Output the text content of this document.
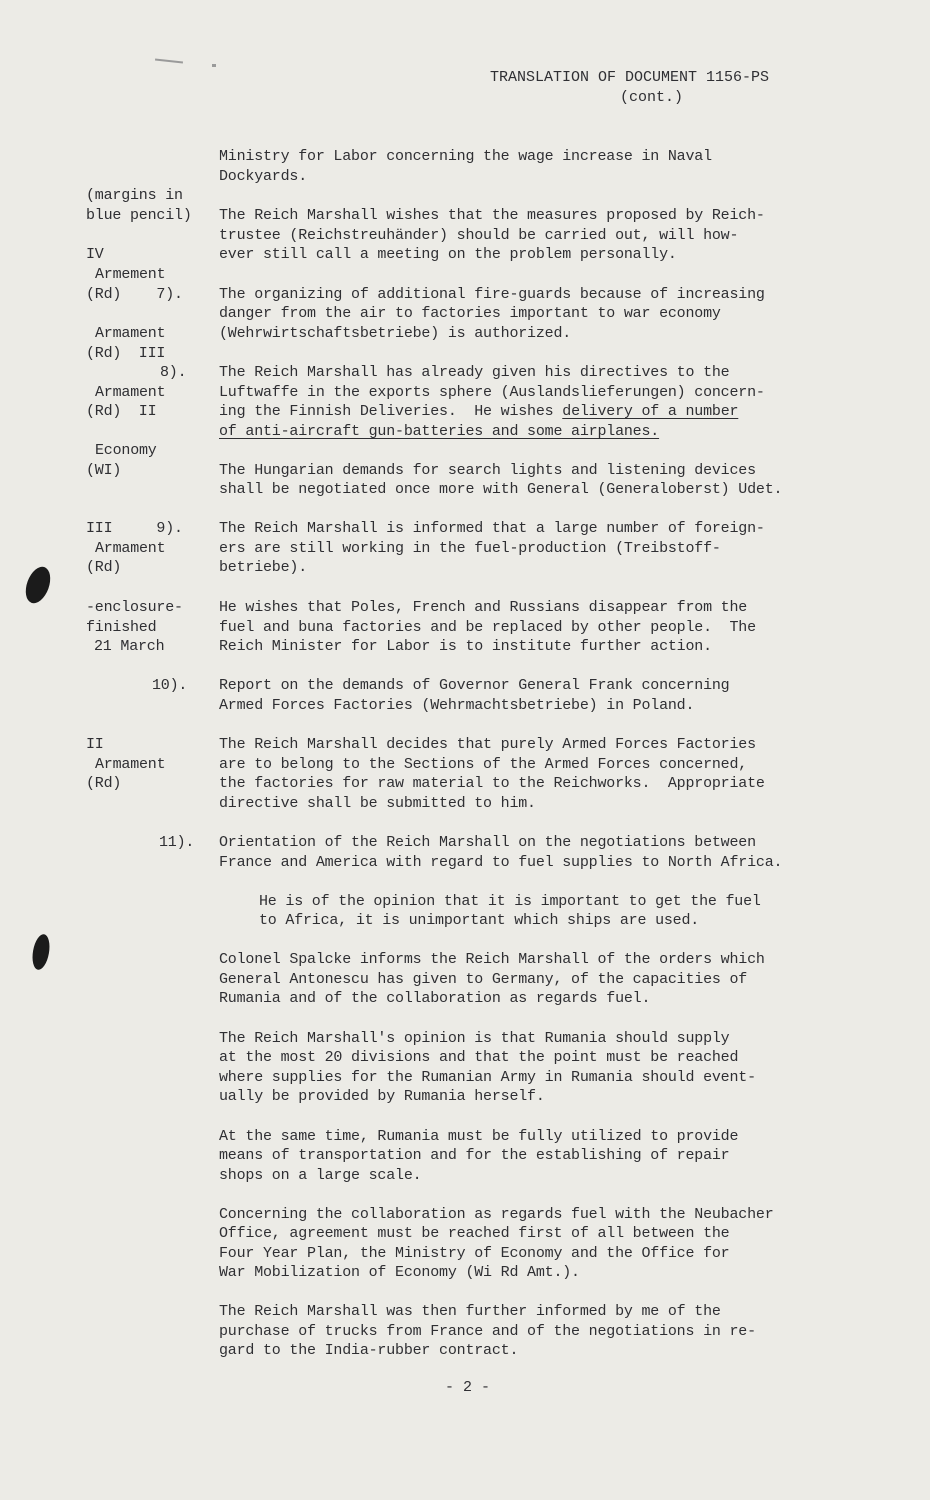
TRANSLATION OF DOCUMENT 1156-PS
(cont.)
(margins in
blue pencil)
IV
Armement
(Rd)    7).
Armament
(Rd)  III
8).
Armament
(Rd)  II
Economy
(WI)
III     9).
Armament
(Rd)
-enclosure-
finished
21 March
10).
II
Armament
(Rd)
11).
Ministry for Labor concerning the wage increase in Naval
Dockyards.
The Reich Marshall wishes that the measures proposed by Reich-
trustee (Reichstreuhänder) should be carried out, will how-
ever still call a meeting on the problem personally.
The organizing of additional fire-guards because of increasing
danger from the air to factories important to war economy
(Wehrwirtschaftsbetriebe) is authorized.
The Reich Marshall has already given his directives to the
Luftwaffe in the exports sphere (Auslandslieferungen) concern-
ing the Finnish Deliveries.  He wishes delivery of a number
of anti-aircraft gun-batteries and some airplanes.
The Hungarian demands for search lights and listening devices
shall be negotiated once more with General (Generaloberst) Udet.
The Reich Marshall is informed that a large number of foreign-
ers are still working in the fuel-production (Treibstoff-
betriebe).
He wishes that Poles, French and Russians disappear from the
fuel and buna factories and be replaced by other people.  The
Reich Minister for Labor is to institute further action.
Report on the demands of Governor General Frank concerning
Armed Forces Factories (Wehrmachtsbetriebe) in Poland.
The Reich Marshall decides that purely Armed Forces Factories
are to belong to the Sections of the Armed Forces concerned,
the factories for raw material to the Reichworks.  Appropriate
directive shall be submitted to him.
Orientation of the Reich Marshall on the negotiations between
France and America with regard to fuel supplies to North Africa.
He is of the opinion that it is important to get the fuel
to Africa, it is unimportant which ships are used.
Colonel Spalcke informs the Reich Marshall of the orders which
General Antonescu has given to Germany, of the capacities of
Rumania and of the collaboration as regards fuel.
The Reich Marshall's opinion is that Rumania should supply
at the most 20 divisions and that the point must be reached
where supplies for the Rumanian Army in Rumania should event-
ually be provided by Rumania herself.
At the same time, Rumania must be fully utilized to provide
means of transportation and for the establishing of repair
shops on a large scale.
Concerning the collaboration as regards fuel with the Neubacher
Office, agreement must be reached first of all between the
Four Year Plan, the Ministry of Economy and the Office for
War Mobilization of Economy (Wi Rd Amt.).
The Reich Marshall was then further informed by me of the
purchase of trucks from France and of the negotiations in re-
gard to the India-rubber contract.
- 2 -
